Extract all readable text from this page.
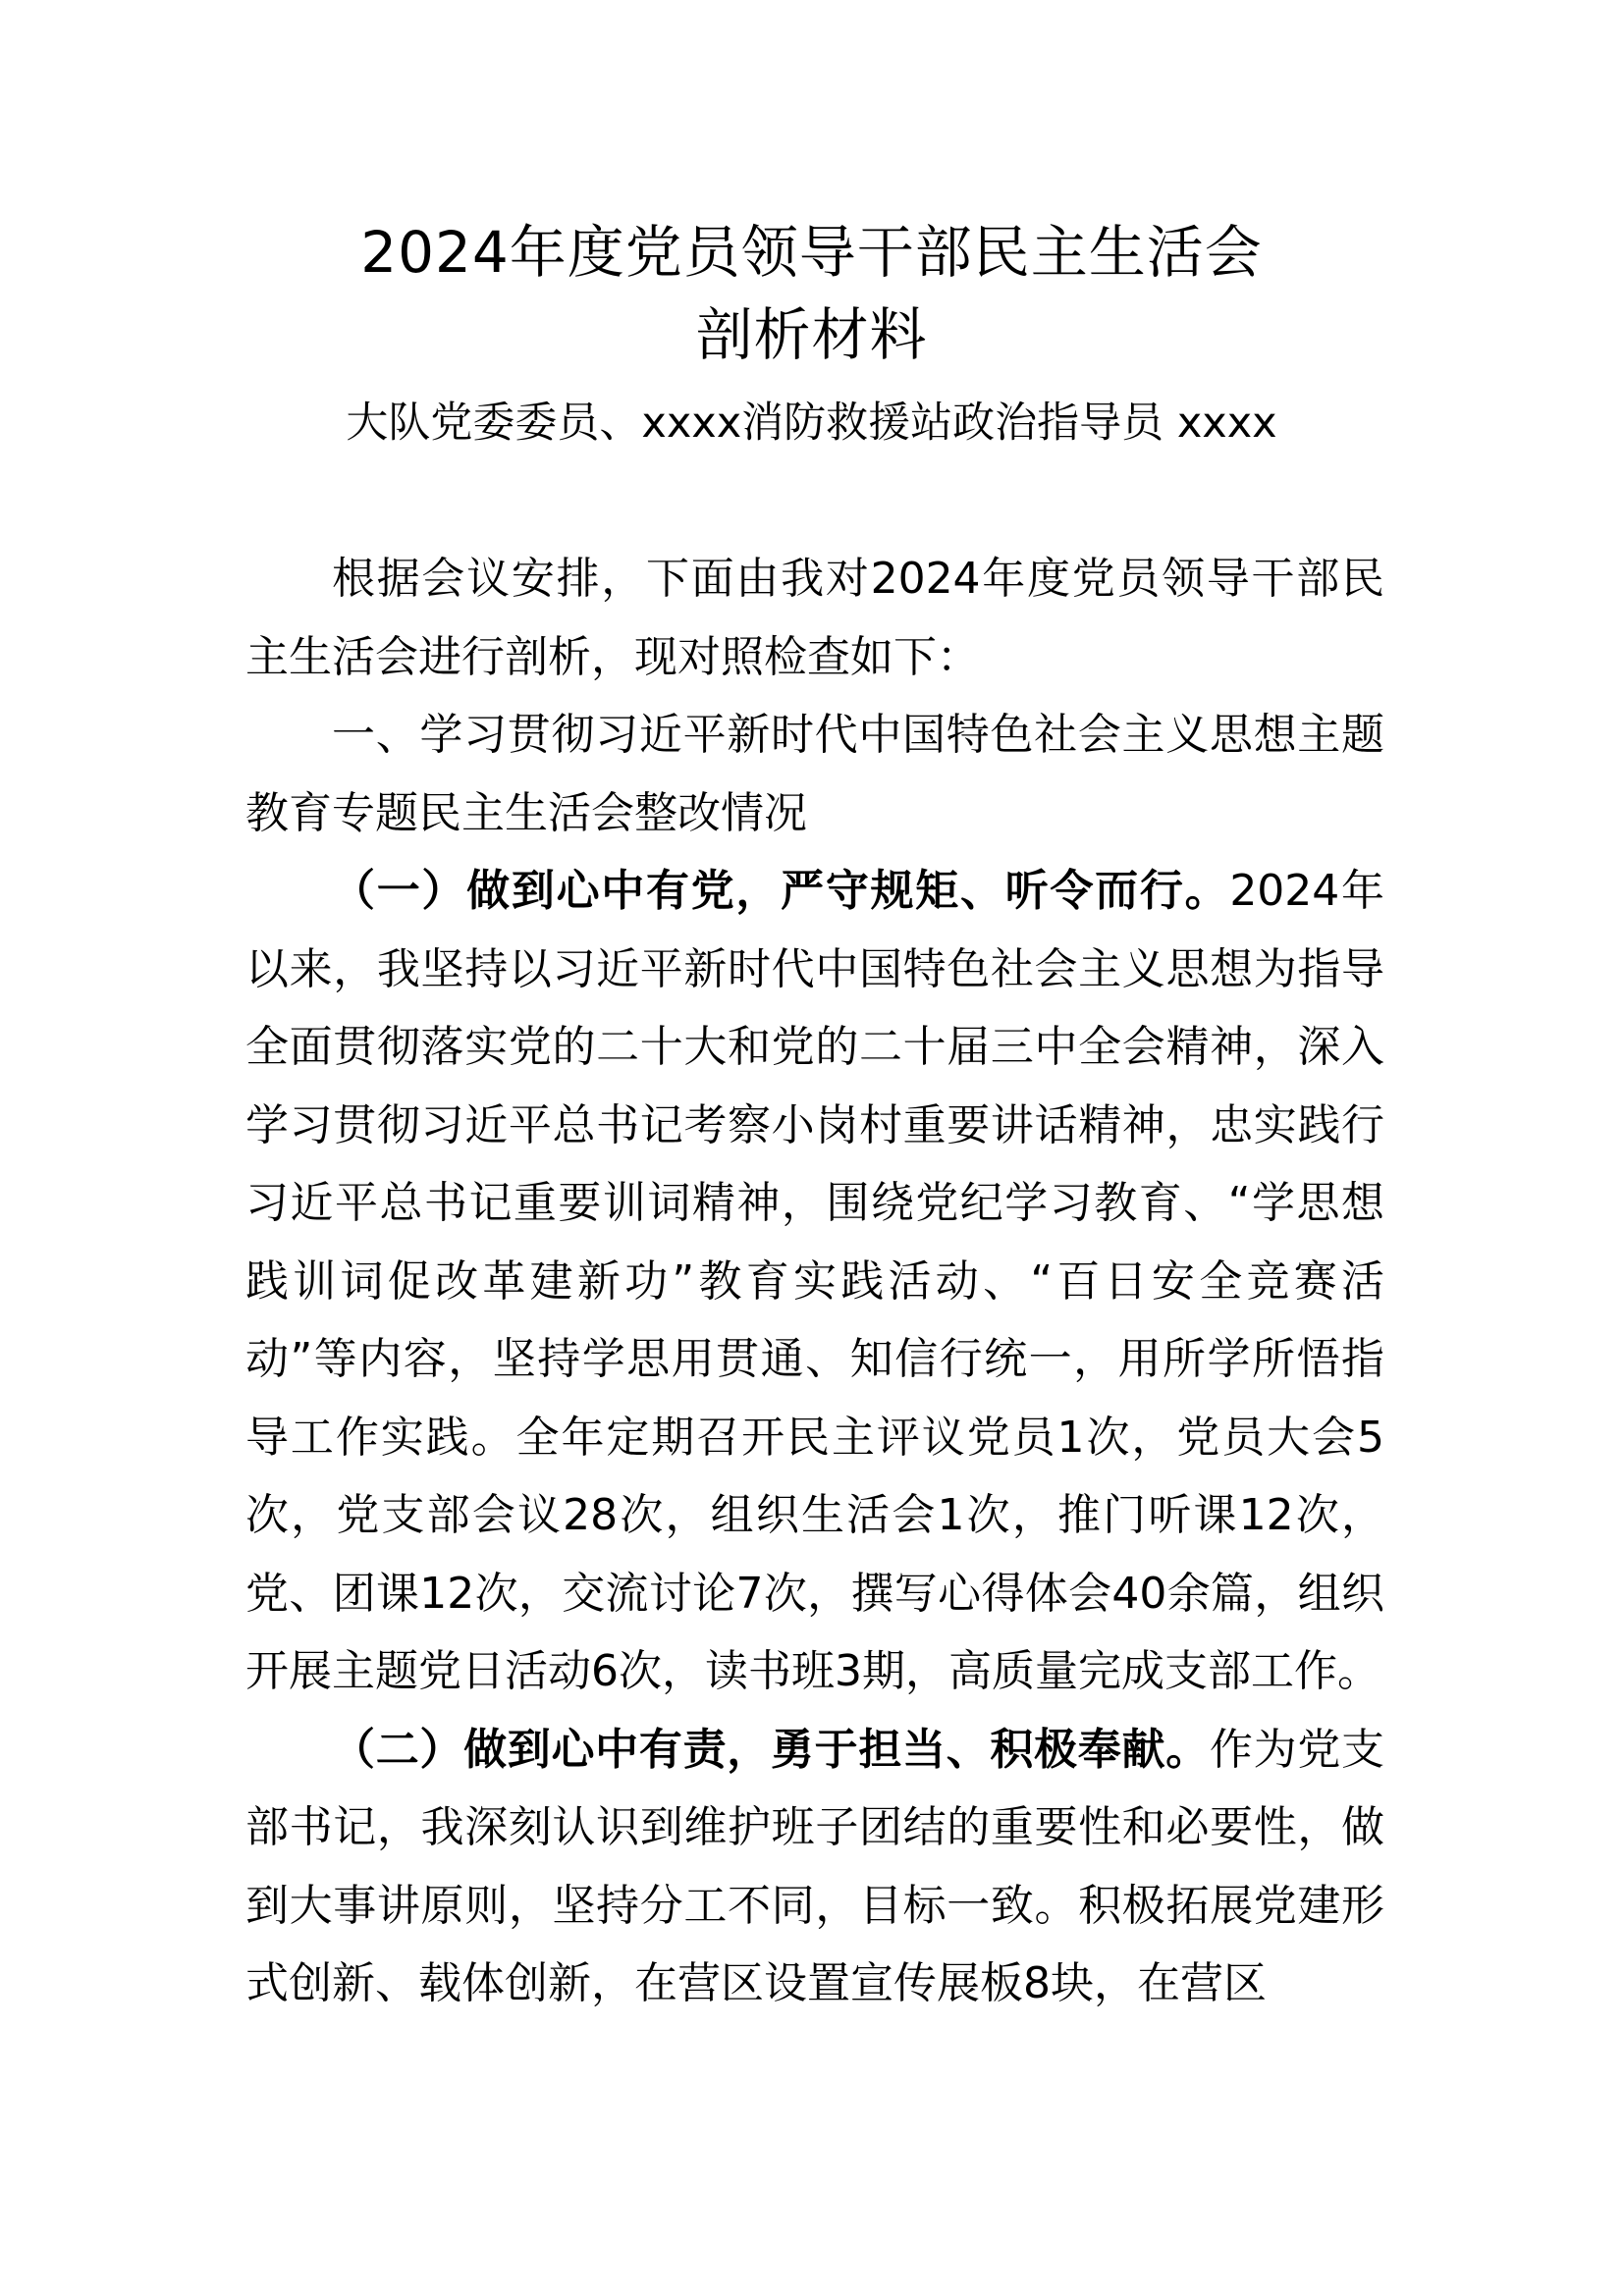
2024年度党员领导干部民主生活会
剖析材料
大队党委委员、xxxx消防救援站政治指导员 xxxx

根据会议安排，下面由我对2024年度党员领导干部民主生活会进行剖析，现对照检查如下：

一、学习贯彻习近平新时代中国特色社会主义思想主题教育专题民主生活会整改情况

（一）做到心中有党，严守规矩、听令而行。2024年以来，我坚持以习近平新时代中国特色社会主义思想为指导全面贯彻落实党的二十大和党的二十届三中全会精神，深入学习贯彻习近平总书记考察小岗村重要讲话精神，忠实践行习近平总书记重要训词精神，围绕党纪学习教育、“学思想践训词促改革建新功”教育实践活动、“百日安全竞赛活动”等内容，坚持学思用贯通、知信行统一，用所学所悟指导工作实践。全年定期召开民主评议党员1次，党员大会5次，党支部会议28次，组织生活会1次，推门听课12次，党、团课12次，交流讨论7次，撰写心得体会40余篇，组织开展主题党日活动6次，读书班3期，高质量完成支部工作。

（二）做到心中有责，勇于担当、积极奉献。作为党支部书记，我深刻认识到维护班子团结的重要性和必要性，做到大事讲原则，坚持分工不同，目标一致。积极拓展党建形式创新、载体创新，在营区设置宣传展板8块，在营区
